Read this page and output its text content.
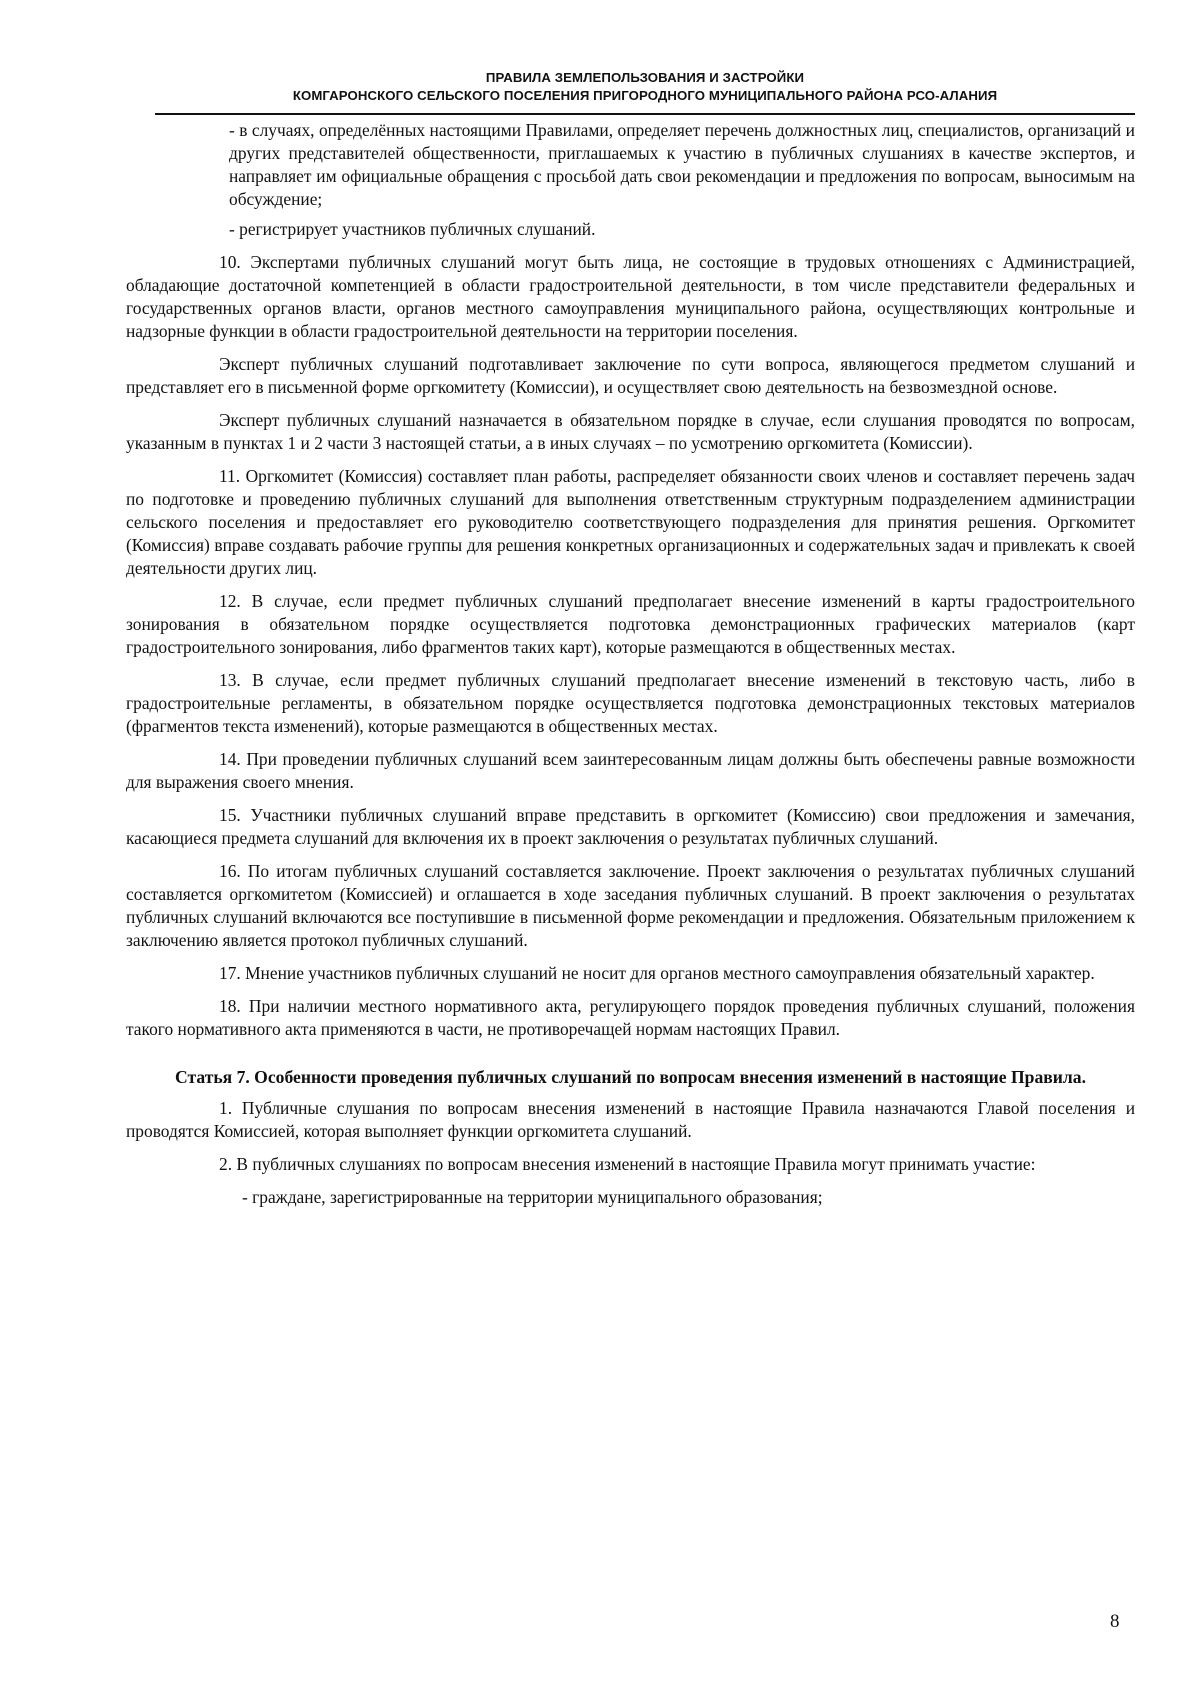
ПРАВИЛА ЗЕМЛЕПОЛЬЗОВАНИЯ И ЗАСТРОЙКИ
КОМГАРОНСКОГО СЕЛЬСКОГО ПОСЕЛЕНИЯ ПРИГОРОДНОГО МУНИЦИПАЛЬНОГО РАЙОНА РСО-АЛАНИЯ

- в случаях, определённых настоящими Правилами, определяет перечень должностных лиц, специалистов, организаций и других представителей общественности, приглашаемых к участию в публичных слушаниях в качестве экспертов, и направляет им официальные обращения с просьбой дать свои рекомендации и предложения по вопросам, выносимым на обсуждение;

- регистрирует участников публичных слушаний.

10. Экспертами публичных слушаний могут быть лица, не состоящие в трудовых отношениях с Администрацией, обладающие достаточной компетенцией в области градостроительной деятельности, в том числе представители федеральных и государственных органов власти, органов местного самоуправления муниципального района, осуществляющих контрольные и надзорные функции в области градостроительной деятельности на территории поселения.

Эксперт публичных слушаний подготавливает заключение по сути вопроса, являющегося предметом слушаний и представляет его в письменной форме оргкомитету (Комиссии), и осуществляет свою деятельность на безвозмездной основе.

Эксперт публичных слушаний назначается в обязательном порядке в случае, если слушания проводятся по вопросам, указанным в пунктах 1 и 2 части 3 настоящей статьи, а в иных случаях – по усмотрению оргкомитета (Комиссии).

11. Оргкомитет (Комиссия) составляет план работы, распределяет обязанности своих членов и составляет перечень задач по подготовке и проведению публичных слушаний для выполнения ответственным структурным подразделением администрации сельского поселения и предоставляет его руководителю соответствующего подразделения для принятия решения. Оргкомитет (Комиссия) вправе создавать рабочие группы для решения конкретных организационных и содержательных задач и привлекать к своей деятельности других лиц.

12. В случае, если предмет публичных слушаний предполагает внесение изменений в карты градостроительного зонирования в обязательном порядке осуществляется подготовка демонстрационных графических материалов (карт градостроительного зонирования, либо фрагментов таких карт), которые размещаются в общественных местах.

13. В случае, если предмет публичных слушаний предполагает внесение изменений в текстовую часть, либо в градостроительные регламенты, в обязательном порядке осуществляется подготовка демонстрационных текстовых материалов (фрагментов текста изменений), которые размещаются в общественных местах.

14. При проведении публичных слушаний всем заинтересованным лицам должны быть обеспечены равные возможности для выражения своего мнения.

15. Участники публичных слушаний вправе представить в оргкомитет (Комиссию) свои предложения и замечания, касающиеся предмета слушаний для включения их в проект заключения о результатах публичных слушаний.

16. По итогам публичных слушаний составляется заключение. Проект заключения о результатах публичных слушаний составляется оргкомитетом (Комиссией) и оглашается в ходе заседания публичных слушаний. В проект заключения о результатах публичных слушаний включаются все поступившие в письменной форме рекомендации и предложения. Обязательным приложением к заключению является протокол публичных слушаний.

17. Мнение участников публичных слушаний не носит для органов местного самоуправления обязательный характер.

18. При наличии местного нормативного акта, регулирующего порядок проведения публичных слушаний, положения такого нормативного акта применяются в части, не противоречащей нормам настоящих Правил.

Статья 7. Особенности проведения публичных слушаний по вопросам внесения изменений в настоящие Правила.

1. Публичные слушания по вопросам внесения изменений в настоящие Правила назначаются Главой поселения и проводятся Комиссией, которая выполняет функции оргкомитета слушаний.

2. В публичных слушаниях по вопросам внесения изменений в настоящие Правила могут принимать участие:

- граждане, зарегистрированные на территории муниципального образования;

8
